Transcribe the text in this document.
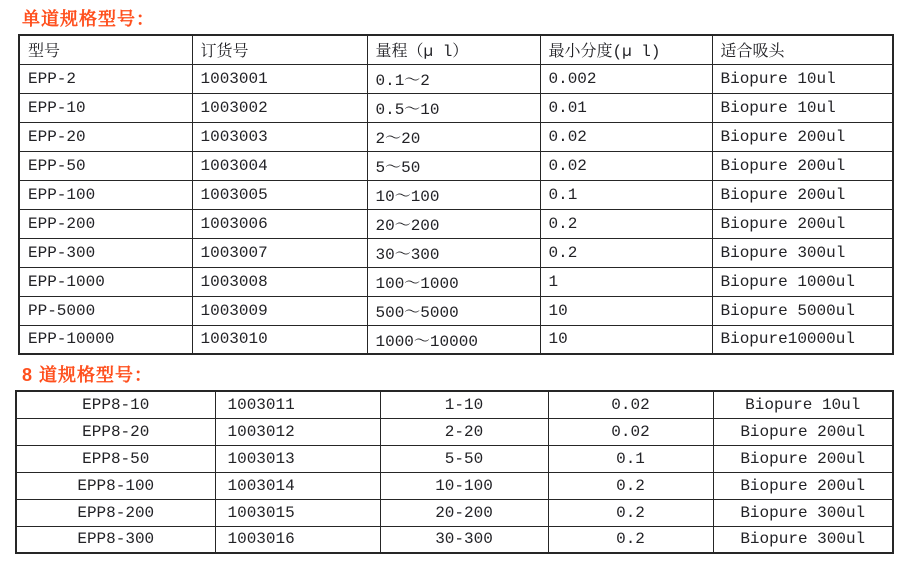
单道规格型号：
型号	订货号	量程（µ l）	最小分度(µ l)	适合吸头
EPP-2	1003001	0.1～2	0.002	Biopure 10ul
EPP-10	1003002	0.5～10	0.01	Biopure 10ul
EPP-20	1003003	2～20	0.02	Biopure 200ul
EPP-50	1003004	5～50	0.02	Biopure 200ul
EPP-100	1003005	10～100	0.1	Biopure 200ul
EPP-200	1003006	20～200	0.2	Biopure 200ul
EPP-300	1003007	30～300	0.2	Biopure 300ul
EPP-1000	1003008	100～1000	1	Biopure 1000ul
PP-5000	1003009	500～5000	10	Biopure 5000ul
EPP-10000	1003010	1000～10000	10	Biopure10000ul
8 道规格型号：
EPP8-10	1003011	1-10	0.02	Biopure 10ul
EPP8-20	1003012	2-20	0.02	Biopure 200ul
EPP8-50	1003013	5-50	0.1	Biopure 200ul
EPP8-100	1003014	10-100	0.2	Biopure 200ul
EPP8-200	1003015	20-200	0.2	Biopure 300ul
EPP8-300	1003016	30-300	0.2	Biopure 300ul
